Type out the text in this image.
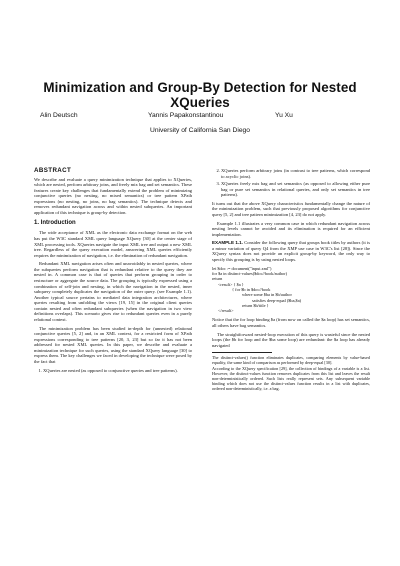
Minimization and Group-By Detection for Nested XQueries
Alin Deutsch	Yannis Papakonstantinou	Yu Xu
University of California San Diego
ABSTRACT

We describe and evaluate a query minimization technique that applies to XQueries, which are nested, perform arbitrary joins, and freely mix bag and set semantics. These features create key challenges that fundamentally extend the problem of minimizing conjunctive queries (no nesting, no mixed semantics) or tree pattern XPath expressions (no nesting, no joins, no bag semantics). The technique detects and removes redundant navigation across and within nested subqueries. An important application of this technique is group-by detection.

1. Introduction

The wide acceptance of XML as the electronic data exchange format on the web has put the W3C standard XML query language XQuery [30] at the center stage of XML processing tools. XQueries navigate the input XML tree and output a new XML tree. Regardless of the query execution model, answering XML queries efficiently requires the minimization of navigation, i.e. the elimination of redundant navigation.

Redundant XML navigation arises often and unavoidably in nested queries, where the subqueries perform navigation that is redundant relative to the query they are nested in. A common case is that of queries that perform grouping in order to restructure or aggregate the source data. The grouping is typically expressed using a combination of self-join and nesting, in which the navigation in the nested, inner subquery completely duplicates the navigation of the outer query. (see Example 1.1). Another typical source pertains to mediated data integration architectures, where queries resulting from unfolding the views [19, 15] in the original client queries contain nested and often redundant subqueries (when the navigation in two view definitions overlaps). This scenario gives rise to redundant queries even in a purely relational context.

The minimization problem has been studied in-depth for (unnested) relational conjunctive queries [5, 2] and, in an XML context, for a restricted form of XPath expressions corresponding to tree patterns [20, 3, 23] but so far it has not been addressed for nested XML queries. In this paper, we describe and evaluate a minimization technique for such queries, using the standard XQuery language [30] to express them. The key challenges we faced in developing the technique were posed by the fact that

1. XQueries are nested (as opposed to conjunctive queries and tree patterns).
2. XQueries perform arbitrary joins (in contrast to tree patterns, which correspond to acyclic joins).
3. XQueries freely mix bag and set semantics (as opposed to allowing either pure bag or pure set semantics in relational queries, and only set semantics in tree patterns).

It turns out that the above XQuery characteristics fundamentally change the nature of the minimization problem, such that previously proposed algorithms for conjunctive query [5, 2] and tree pattern minimization [4, 23] do not apply.

Example 1.1 illustrates a very common case in which redundant navigation across nesting levels cannot be avoided and its elimination is required for an efficient implementation.

EXAMPLE 1.1. Consider the following query that groups book titles by authors (it is a minor variation of query Q4 from the XMP use case in W3C's list [28]). Since the XQuery syntax does not provide an explicit group-by keyword, the only way to specify this grouping is by using nested loops.

let $doc := document("input.xml")
for $a in distinct-values($doc//book/author)
return
<result> { $a }
{ for $b in $doc//book
where some $ba in $b/author
satisfies deep-equal ($ba,$a)
return $b/title }
</result>

Notice that the for loop binding $a (from now on called the $a loop) has set semantics, all others have bag semantics.

The straightforward nested-loop execution of this query is wasteful since the nested loops (the $b for loop and the $ba some loop) are redundant: the $a loop has already navigated

The distinct-values() function eliminates duplicates, comparing elements by value-based equality, the same kind of comparison as performed by deep-equal [30].

According to the XQuery specification [29], the collection of bindings of a variable is a list. However, the distinct-values function removes duplicates from this list and leaves the result non-deterministically ordered. Such lists really represent sets. Any subsequent variable binding which does not use the distinct-values function results in a list with duplicates, ordered non-deterministically, i.e. a bag.
